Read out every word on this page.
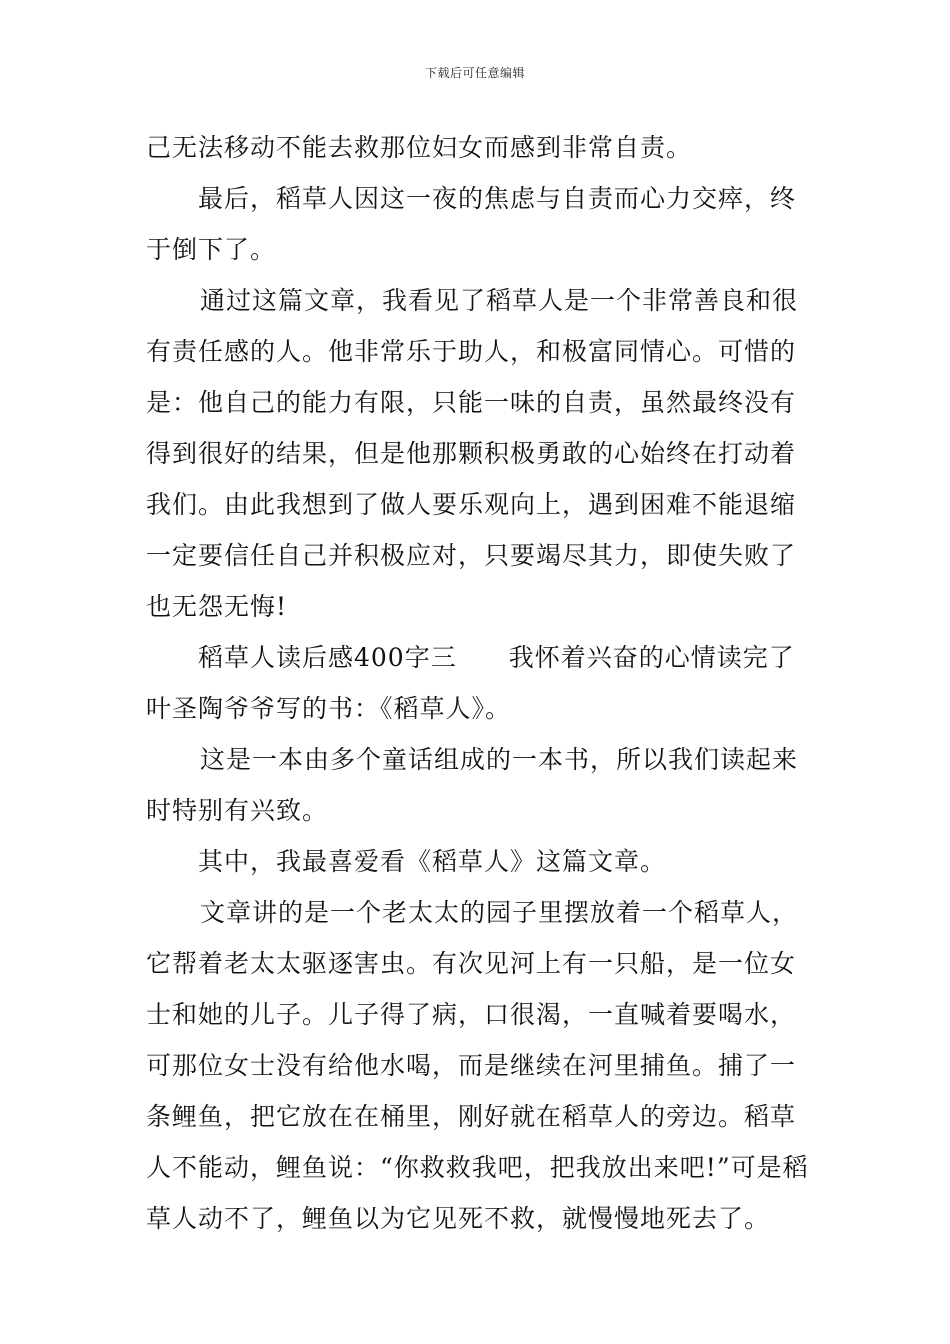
下载后可任意编辑

己无法移动不能去救那位妇女而感到非常自责。

最后，稻草人因这一夜的焦虑与自责而心力交瘁，终于倒下了。

通过这篇文章，我看见了稻草人是一个非常善良和很有责任感的人。他非常乐于助人，和极富同情心。可惜的是：他自己的能力有限，只能一味的自责，虽然最终没有得到很好的结果，但是他那颗积极勇敢的心始终在打动着我们。由此我想到了做人要乐观向上，遇到困难不能退缩一定要信任自己并积极应对，只要竭尽其力，即使失败了也无怨无悔!

稻草人读后感400字三　　我怀着兴奋的心情读完了叶圣陶爷爷写的书：《稻草人》。

这是一本由多个童话组成的一本书，所以我们读起来时特别有兴致。

其中，我最喜爱看《稻草人》这篇文章。

文章讲的是一个老太太的园子里摆放着一个稻草人，它帮着老太太驱逐害虫。有次见河上有一只船，是一位女士和她的儿子。儿子得了病，口很渴，一直喊着要喝水，可那位女士没有给他水喝，而是继续在河里捕鱼。捕了一条鲤鱼，把它放在在桶里，刚好就在稻草人的旁边。稻草人不能动，鲤鱼说：“你救救我吧，把我放出来吧!”可是稻草人动不了，鲤鱼以为它见死不救，就慢慢地死去了。
